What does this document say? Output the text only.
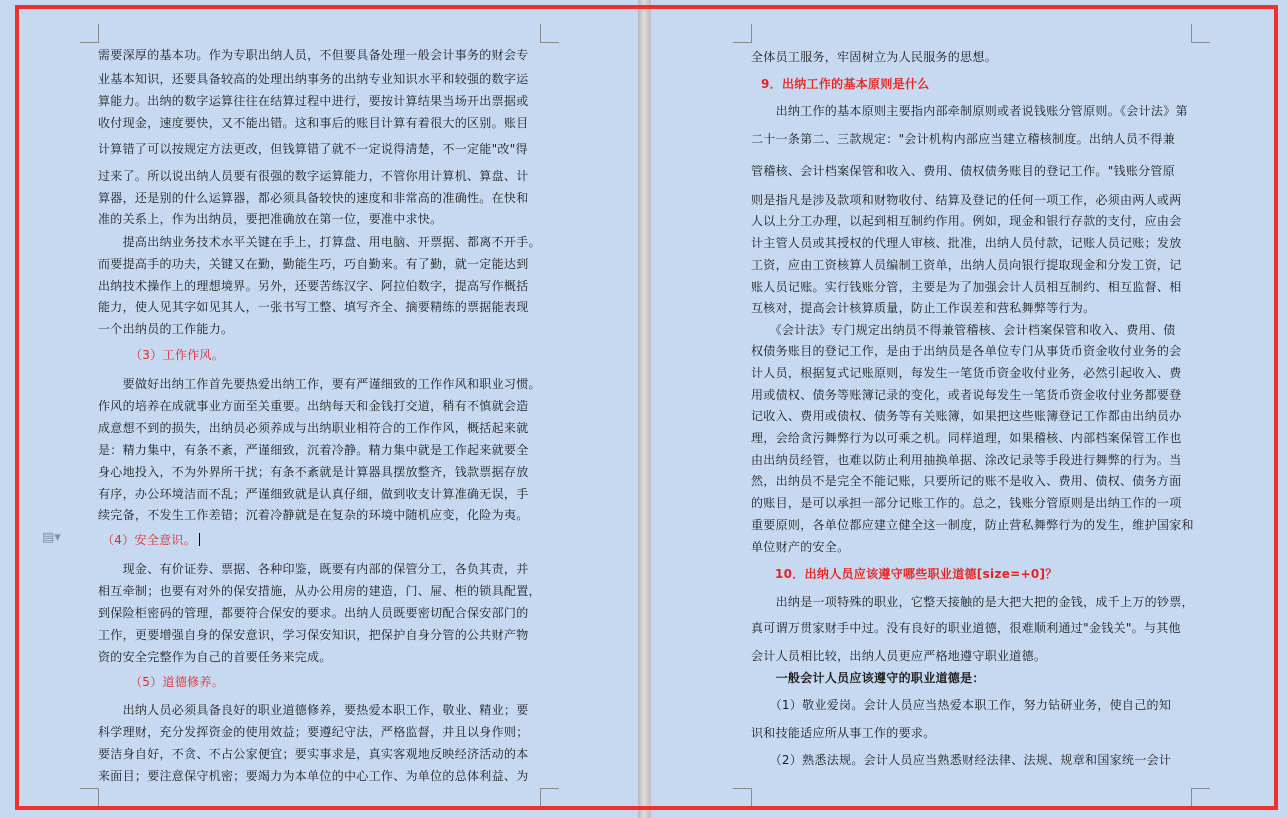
▤▾
需要深厚的基本功。作为专职出纳人员，不但要具备处理一般会计事务的财会专
业基本知识，还要具备较高的处理出纳事务的出纳专业知识水平和较强的数字运
算能力。出纳的数字运算往往在结算过程中进行，要按计算结果当场开出票据或
收付现金，速度要快，又不能出错。这和事后的账目计算有着很大的区别。账目
计算错了可以按规定方法更改，但钱算错了就不一定说得清楚，不一定能"改"得
过来了。所以说出纳人员要有很强的数字运算能力，不管你用计算机、算盘、计
算器，还是别的什么运算器，都必须具备较快的速度和非常高的准确性。在快和
准的关系上，作为出纳员，要把准确放在第一位，要准中求快。
　　提高出纳业务技术水平关键在手上，打算盘、用电脑、开票据、都离不开手。
而要提高手的功夫，关键又在勤，勤能生巧，巧自勤来。有了勤，就一定能达到
出纳技术操作上的理想境界。另外，还要苦练汉字、阿拉伯数字，提高写作概括
能力，使人见其字如见其人，一张书写工整、填写齐全、摘要精练的票据能表现
一个出纳员的工作能力。
（3）工作作风。
　　要做好出纳工作首先要热爱出纳工作，要有严谨细致的工作作风和职业习惯。
作风的培养在成就事业方面至关重要。出纳每天和金钱打交道，稍有不慎就会造
成意想不到的损失，出纳员必须养成与出纳职业相符合的工作作风，概括起来就
是：精力集中，有条不紊，严谨细致，沉着冷静。精力集中就是工作起来就要全
身心地投入，不为外界所干扰；有条不紊就是计算器具摆放整齐，钱款票据存放
有序，办公环境洁而不乱；严谨细致就是认真仔细，做到收支计算准确无误，手
续完备，不发生工作差错；沉着冷静就是在复杂的环境中随机应变，化险为夷。
（4）安全意识。
　　现金、有价证券、票据、各种印鉴，既要有内部的保管分工，各负其责，并
相互牵制；也要有对外的保安措施，从办公用房的建造，门、屉、柜的锁具配置，
到保险柜密码的管理，都要符合保安的要求。出纳人员既要密切配合保安部门的
工作，更要增强自身的保安意识，学习保安知识，把保护自身分管的公共财产物
资的安全完整作为自己的首要任务来完成。
（5）道德修养。
　　出纳人员必须具备良好的职业道德修养，要热爱本职工作，敬业、精业；要
科学理财，充分发挥资金的使用效益；要遵纪守法，严格监督，并且以身作则；
要洁身自好，不贪、不占公家便宜；要实事求是，真实客观地反映经济活动的本
来面目；要注意保守机密；要竭力为本单位的中心工作、为单位的总体利益、为
全体员工服务，牢固树立为人民服务的思想。
9．出纳工作的基本原则是什么
　　出纳工作的基本原则主要指内部牵制原则或者说钱账分管原则。《会计法》第
二十一条第二、三款规定："会计机构内部应当建立稽核制度。出纳人员不得兼
管稽核、会计档案保管和收入、费用、债权债务账目的登记工作。"钱账分管原
则是指凡是涉及款项和财物收付、结算及登记的任何一项工作，必须由两人或两
人以上分工办理，以起到相互制约作用。例如，现金和银行存款的支付，应由会
计主管人员或其授权的代理人审核、批准，出纳人员付款，记账人员记账；发放
工资，应由工资核算人员编制工资单，出纳人员向银行提取现金和分发工资，记
账人员记账。实行钱账分管，主要是为了加强会计人员相互制约、相互监督、相
互核对，提高会计核算质量，防止工作误差和营私舞弊等行为。
　　《会计法》专门规定出纳员不得兼管稽核、会计档案保管和收入、费用、债
权债务账目的登记工作，是由于出纳员是各单位专门从事货币资金收付业务的会
计人员，根据复式记账原则，每发生一笔货币资金收付业务，必然引起收入、费
用或债权、债务等账簿记录的变化，或者说每发生一笔货币资金收付业务都要登
记收入、费用或债权、债务等有关账簿，如果把这些账簿登记工作都由出纳员办
理，会给贪污舞弊行为以可乘之机。同样道理，如果稽核、内部档案保管工作也
由出纳员经管，也难以防止利用抽换单据、涂改记录等手段进行舞弊的行为。当
然，出纳员不是完全不能记账，只要所记的账不是收入、费用、债权、债务方面
的账目，是可以承担一部分记账工作的。总之，钱账分管原则是出纳工作的一项
重要原则，各单位都应建立健全这一制度，防止营私舞弊行为的发生，维护国家和
单位财产的安全。
10．出纳人员应该遵守哪些职业道德[size=+0]？
　　出纳是一项特殊的职业，它整天接触的是大把大把的金钱，成千上万的钞票，
真可谓万贯家财手中过。没有良好的职业道德，很难顺利通过"金钱关"。与其他
会计人员相比较，出纳人员更应严格地遵守职业道德。
　　一般会计人员应该遵守的职业道德是：
　　（1）敬业爱岗。会计人员应当热爱本职工作，努力钻研业务，使自己的知
识和技能适应所从事工作的要求。
　　（2）熟悉法规。会计人员应当熟悉财经法律、法规、规章和国家统一会计
